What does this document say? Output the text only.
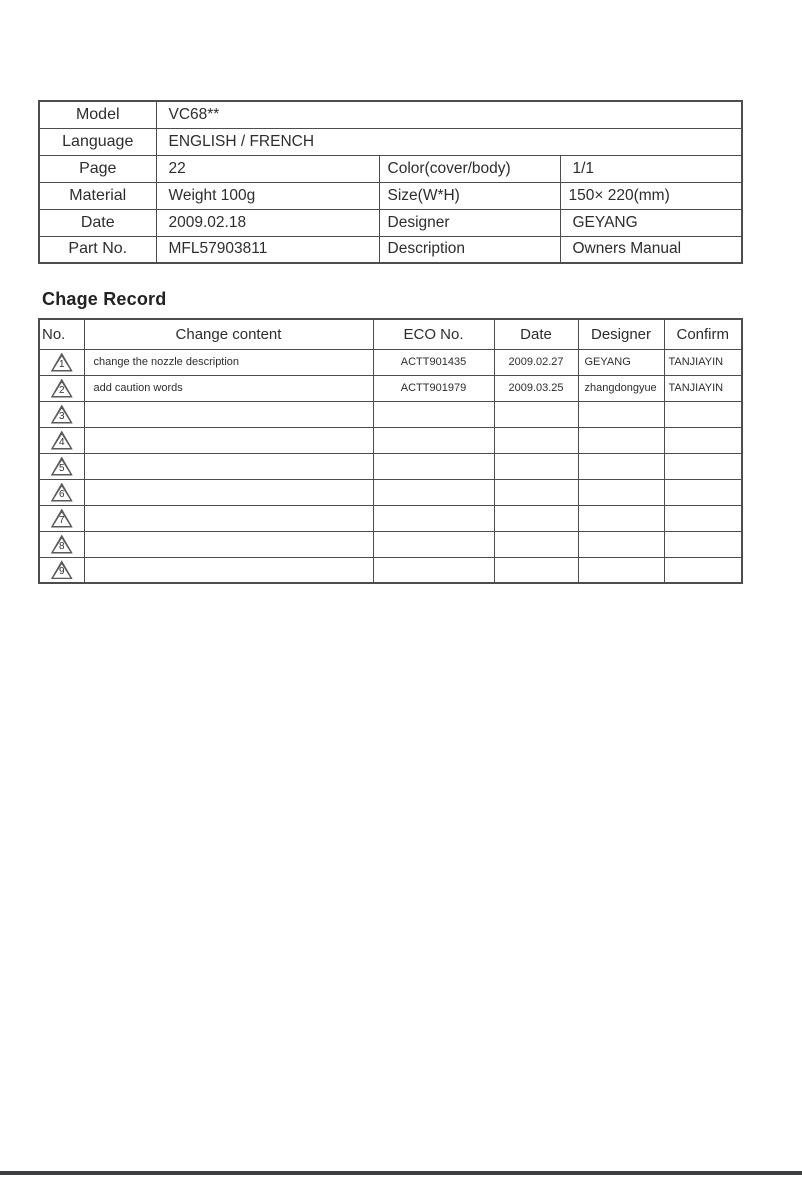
Model	VC68**		
Language	ENGLISH / FRENCH		
Page	22	Color(cover/body)	1/1
Material	Weight 100g	Size(W*H)	150× 220(mm)
Date	2009.02.18	Designer	GEYANG
Part No.	MFL57903811	Description	Owners Manual
Chage Record
No.	Change content	ECO No.	Date	Designer	Confirm

1	change the nozzle description	ACTT901435	2009.02.27	GEYANG	TANJIAYIN

2	add caution words	ACTT901979	2009.03.25	zhangdongyue	TANJIAYIN

3					

4					

5					

6					

7					

8					

9					
